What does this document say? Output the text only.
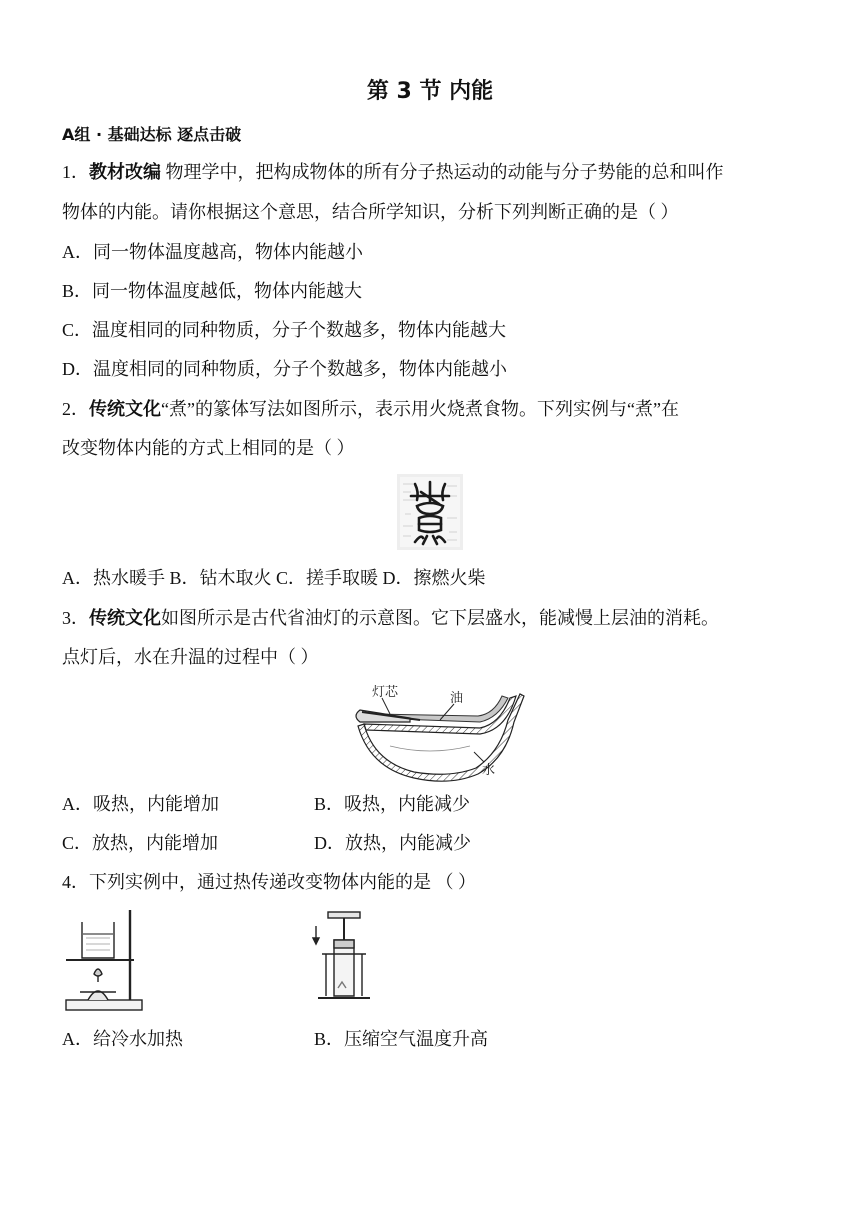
第 3 节 内能
A组 · 基础达标 逐点击破
1．教材改编 物理学中，把构成物体的所有分子热运动的动能与分子势能的总和叫作
物体的内能。请你根据这个意思，结合所学知识，分析下列判断正确的是（ ）
A．同一物体温度越高，物体内能越小
B．同一物体温度越低，物体内能越大
C．温度相同的同种物质，分子个数越多，物体内能越大
D．温度相同的同种物质，分子个数越多，物体内能越小
2．传统文化“煮”的篆体写法如图所示，表示用火烧煮食物。下列实例与“煮”在
改变物体内能的方式上相同的是（ ）
A．热水暖手 B．钻木取火 C．搓手取暖 D．擦燃火柴
3．传统文化如图所示是古代省油灯的示意图。它下层盛水，能减慢上层油的消耗。
点灯后，水在升温的过程中（ ）
灯芯	油
水
A．吸热，内能增加	B．吸热，内能减少
C．放热，内能增加	D．放热，内能减少
4．下列实例中，通过热传递改变物体内能的是 （ ）
A．给冷水加热	B．压缩空气温度升高
